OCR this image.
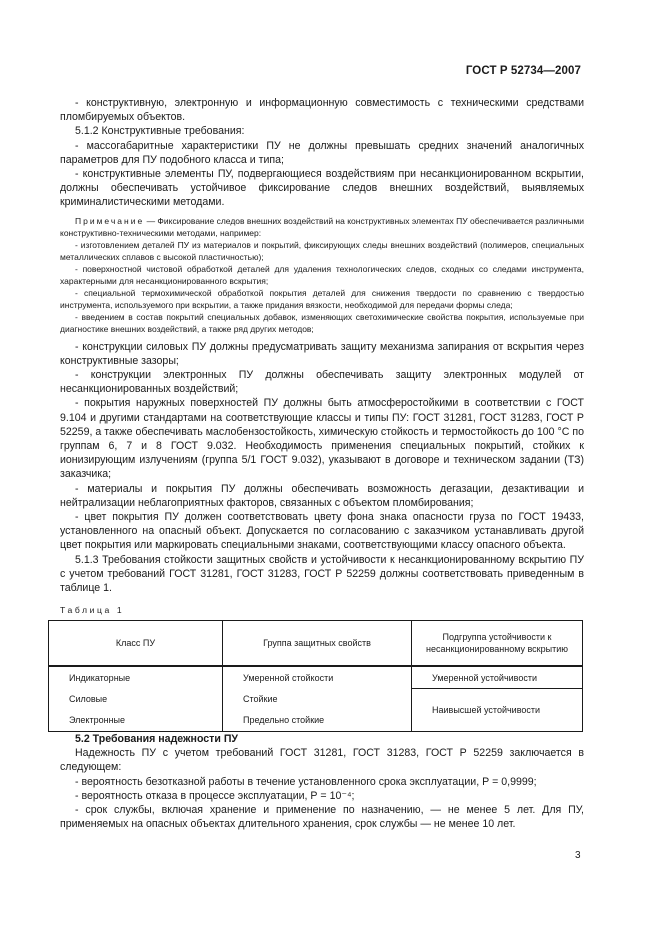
ГОСТ Р 52734—2007

- конструктивную, электронную и информационную совместимость с техническими средствами пломбируемых объектов.

5.1.2 Конструктивные требования:

- массогабаритные характеристики ПУ не должны превышать средних значений аналогичных параметров для ПУ подобного класса и типа;

- конструктивные элементы ПУ, подвергающиеся воздействиям при несанкционированном вскрытии, должны обеспечивать устойчивое фиксирование следов внешних воздействий, выявляемых криминалистическими методами.

Примечание — Фиксирование следов внешних воздействий на конструктивных элементах ПУ обеспечивается различными конструктивно-техническими методами, например:

- изготовлением деталей ПУ из материалов и покрытий, фиксирующих следы внешних воздействий (полимеров, специальных металлических сплавов с высокой пластичностью);

- поверхностной чистовой обработкой деталей для удаления технологических следов, сходных со следами инструмента, характерными для несанкционированного вскрытия;

- специальной термохимической обработкой покрытия деталей для снижения твердости по сравнению с твердостью инструмента, используемого при вскрытии, а также придания вязкости, необходимой для передачи формы следа;

- введением в состав покрытий специальных добавок, изменяющих светохимические свойства покрытия, используемые при диагностике внешних воздействий, а также ряд других методов;

- конструкции силовых ПУ должны предусматривать защиту механизма запирания от вскрытия через конструктивные зазоры;

- конструкции электронных ПУ должны обеспечивать защиту электронных модулей от несанкционированных воздействий;

- покрытия наружных поверхностей ПУ должны быть атмосферостойкими в соответствии с ГОСТ 9.104 и другими стандартами на соответствующие классы и типы ПУ: ГОСТ 31281, ГОСТ 31283, ГОСТ Р 52259, а также обеспечивать маслобензостойкость, химическую стойкость и термостойкость до 100 °С по группам 6, 7 и 8 ГОСТ 9.032. Необходимость применения специальных покрытий, стойких к ионизирующим излучениям (группа 5/1 ГОСТ 9.032), указывают в договоре и техническом задании (ТЗ) заказчика;

- материалы и покрытия ПУ должны обеспечивать возможность дегазации, дезактивации и нейтрализации неблагоприятных факторов, связанных с объектом пломбирования;

- цвет покрытия ПУ должен соответствовать цвету фона знака опасности груза по ГОСТ 19433, установленного на опасный объект. Допускается по согласованию с заказчиком устанавливать другой цвет покрытия или маркировать специальными знаками, соответствующими классу опасного объекта.

5.1.3 Требования стойкости защитных свойств и устойчивости к несанкционированному вскрытию ПУ с учетом требований ГОСТ 31281, ГОСТ 31283, ГОСТ Р 52259 должны соответствовать приведенным в таблице 1.

Таблица 1
Класс ПУ	Группа защитных свойств	Подгруппа устойчивости к несанкционированному вскрытию
Индикаторные	Умеренной стойкости	Умеренной устойчивости
Силовые	Стойкие	Наивысшей устойчивости
Электронные	Предельно стойкие	

5.2 Требования надежности ПУ

Надежность ПУ с учетом требований ГОСТ 31281, ГОСТ 31283, ГОСТ Р 52259 заключается в следующем:

- вероятность безотказной работы в течение установленного срока эксплуатации, Р = 0,9999;

- вероятность отказа в процессе эксплуатации, Р = 10⁻⁴;

- срок службы, включая хранение и применение по назначению, — не менее 5 лет. Для ПУ, применяемых на опасных объектах длительного хранения, срок службы — не менее 10 лет.

3
